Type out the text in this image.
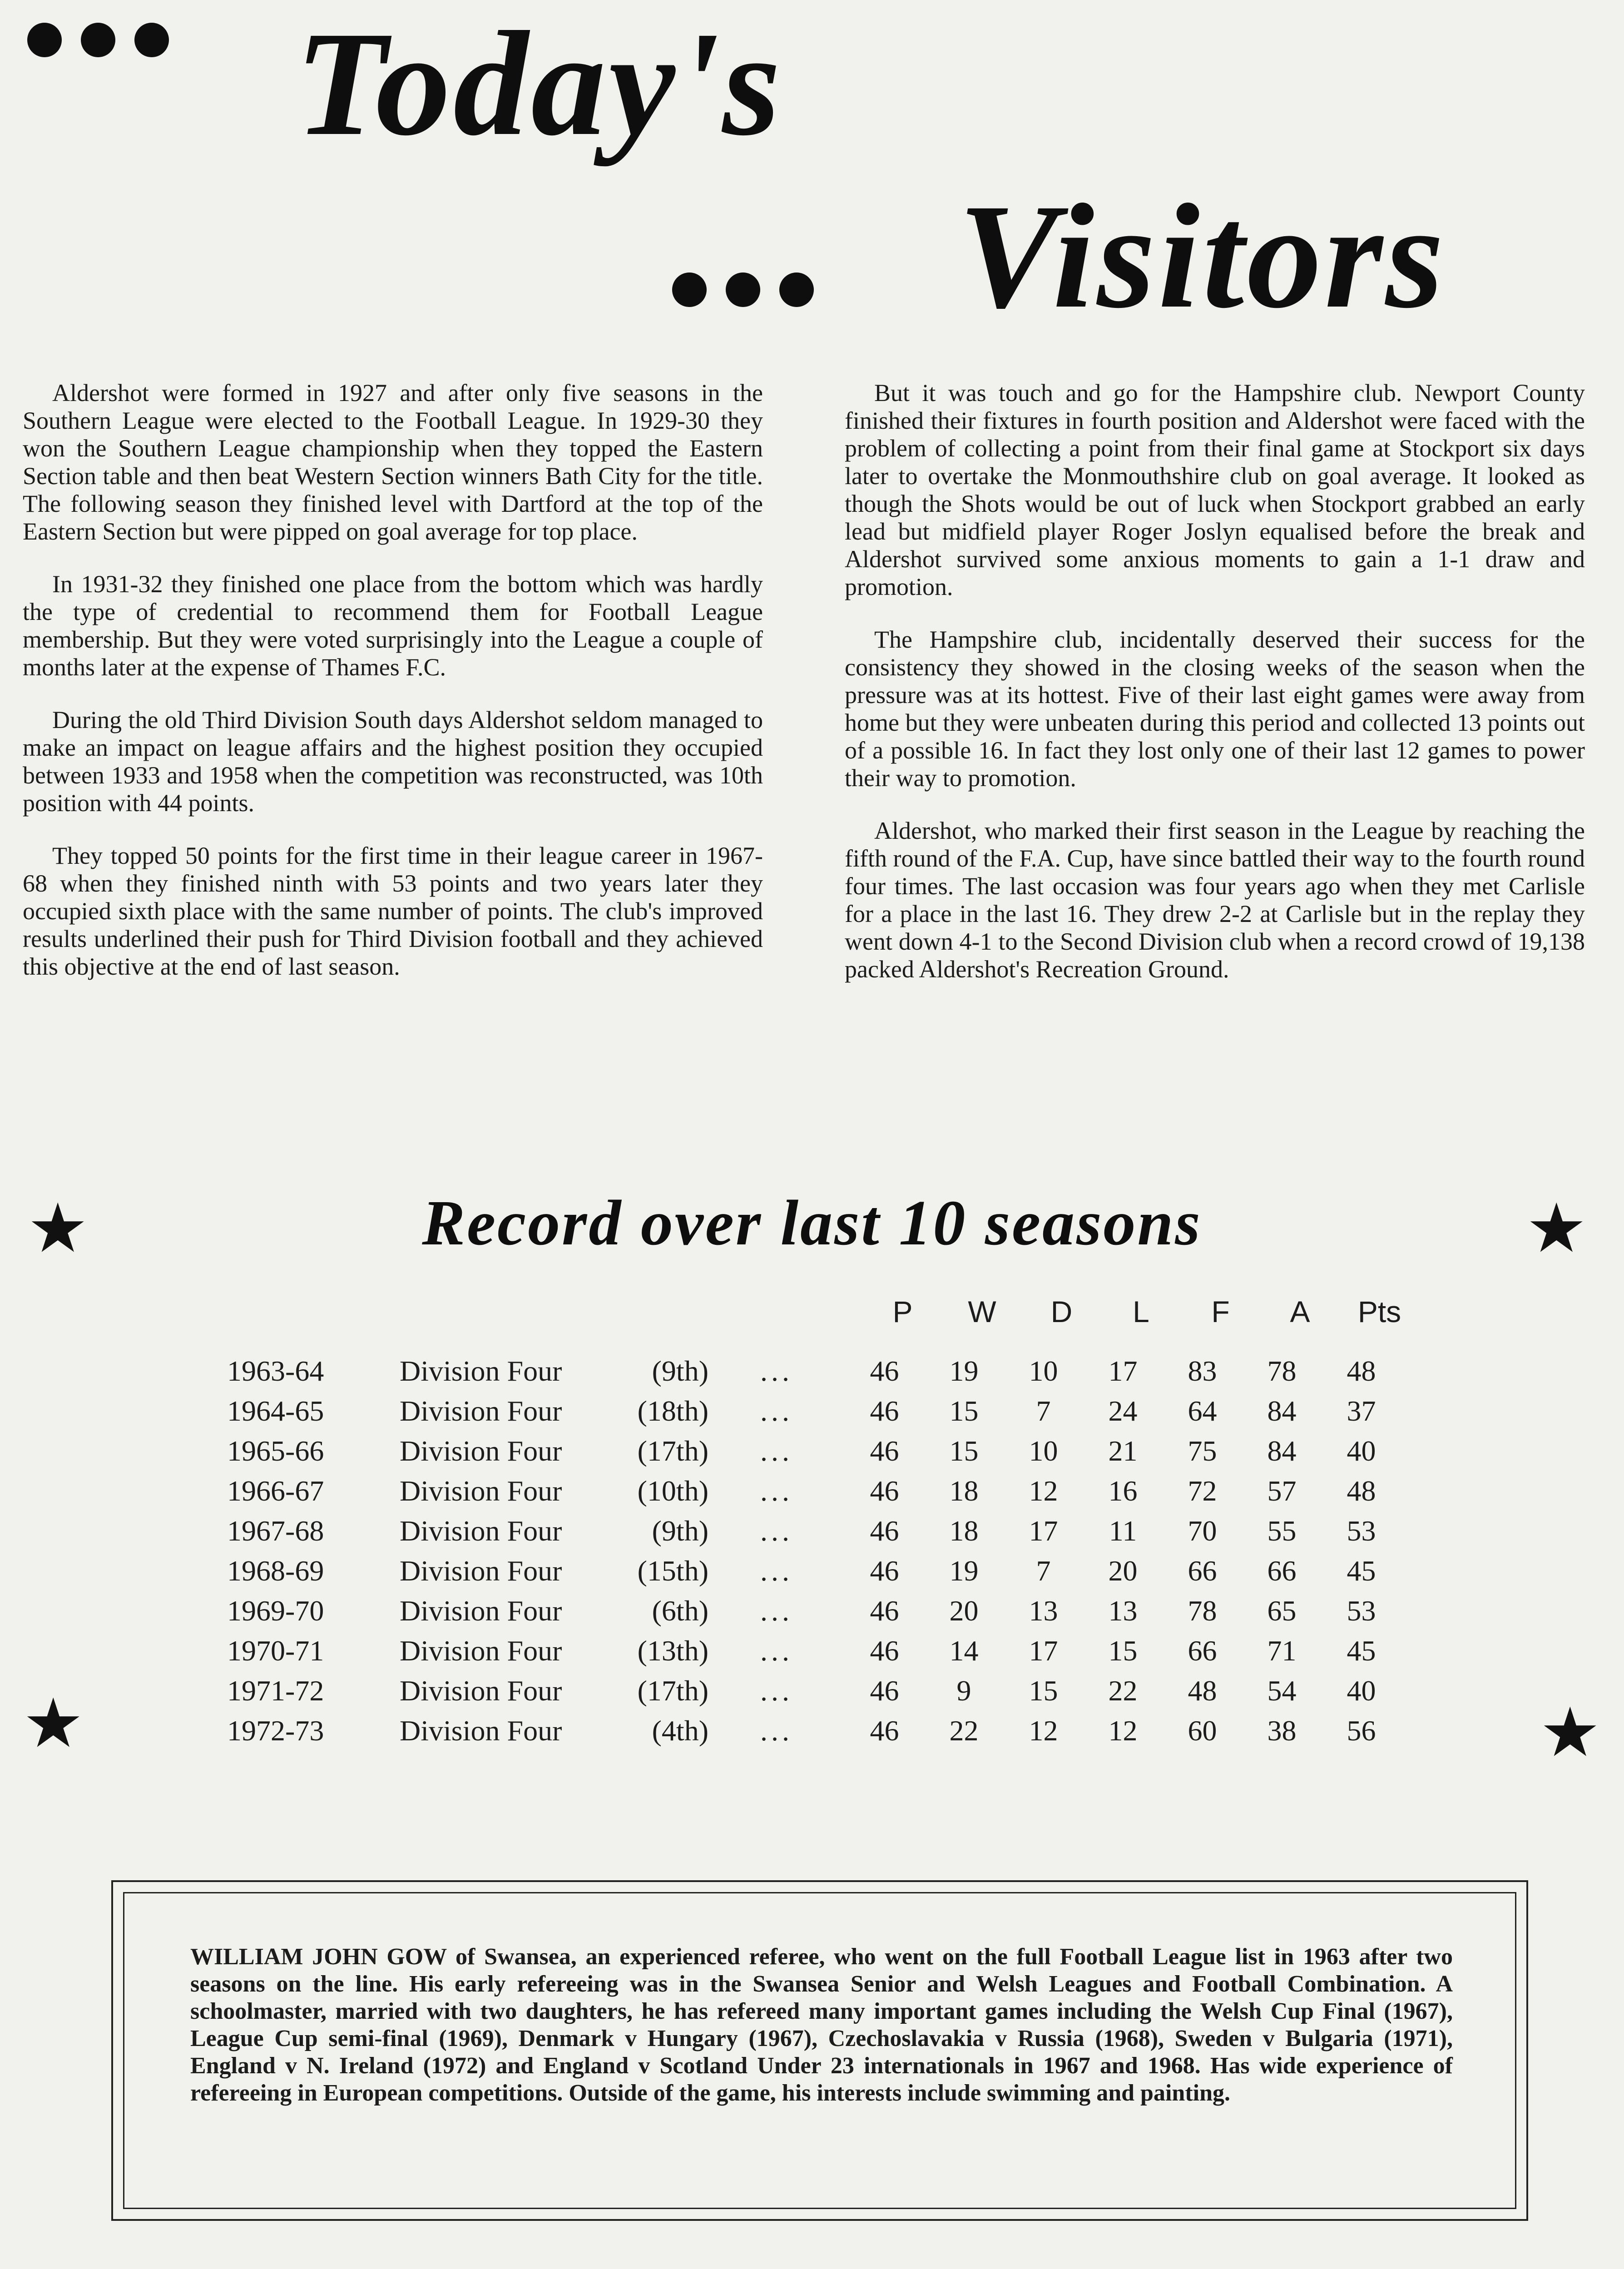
Today's
Visitors

Aldershot were formed in 1927 and after only five seasons in the Southern League were elected to the Football League. In 1929-30 they won the Southern League championship when they topped the Eastern Section table and then beat Western Section winners Bath City for the title. The following season they finished level with Dartford at the top of the Eastern Section but were pipped on goal average for top place.

In 1931-32 they finished one place from the bottom which was hardly the type of credential to recommend them for Football League membership. But they were voted surprisingly into the League a couple of months later at the expense of Thames F.C.

During the old Third Division South days Aldershot seldom managed to make an impact on league affairs and the highest position they occupied between 1933 and 1958 when the competition was reconstructed, was 10th position with 44 points.

They topped 50 points for the first time in their league career in 1967-68 when they finished ninth with 53 points and two years later they occupied sixth place with the same number of points. The club's improved results underlined their push for Third Division football and they achieved this objective at the end of last season.

But it was touch and go for the Hampshire club. Newport County finished their fixtures in fourth position and Aldershot were faced with the problem of collecting a point from their final game at Stockport six days later to overtake the Monmouthshire club on goal average. It looked as though the Shots would be out of luck when Stockport grabbed an early lead but midfield player Roger Joslyn equalised before the break and Aldershot survived some anxious moments to gain a 1-1 draw and promotion.

The Hampshire club, incidentally deserved their success for the consistency they showed in the closing weeks of the season when the pressure was at its hottest. Five of their last eight games were away from home but they were unbeaten during this period and collected 13 points out of a possible 16. In fact they lost only one of their last 12 games to power their way to promotion.

Aldershot, who marked their first season in the League by reaching the fifth round of the F.A. Cup, have since battled their way to the fourth round four times. The last occasion was four years ago when they met Carlisle for a place in the last 16. They drew 2-2 at Carlisle but in the replay they went down 4-1 to the Second Division club when a record crowd of 19,138 packed Aldershot's Recreation Ground.

★	★
Record over last 10 seasons
P	W	D	L	F	A	Pts
1963-64	Division Four	(9th)	...	46	19	10	17	83	78	48
1964-65	Division Four	(18th)	...	46	15	7	24	64	84	37
1965-66	Division Four	(17th)	...	46	15	10	21	75	84	40
1966-67	Division Four	(10th)	...	46	18	12	16	72	57	48
1967-68	Division Four	(9th)	...	46	18	17	11	70	55	53
1968-69	Division Four	(15th)	...	46	19	7	20	66	66	45
1969-70	Division Four	(6th)	...	46	20	13	13	78	65	53
1970-71	Division Four	(13th)	...	46	14	17	15	66	71	45
1971-72	Division Four	(17th)	...	46	9	15	22	48	54	40
1972-73	Division Four	(4th)	...	46	22	12	12	60	38	56
★	★
WILLIAM JOHN GOW of Swansea, an experienced referee, who went on the full Football League list in 1963 after two seasons on the line. His early refereeing was in the Swansea Senior and Welsh Leagues and Football Combination. A schoolmaster, married with two daughters, he has refereed many important games including the Welsh Cup Final (1967), League Cup semi-final (1969), Denmark v Hungary (1967), Czechoslavakia v Russia (1968), Sweden v Bulgaria (1971), England v N. Ireland (1972) and England v Scotland Under 23 internationals in 1967 and 1968. Has wide experience of refereeing in European competitions. Outside of the game, his interests include swimming and painting.
